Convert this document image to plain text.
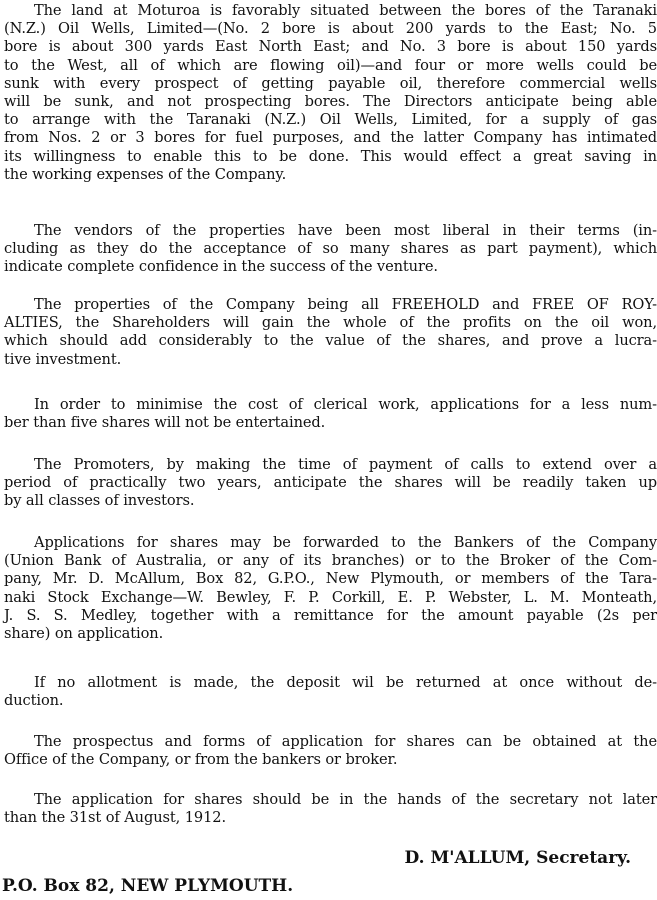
The land at Moturoa is favorably situated between the bores of the Taranaki
(N.Z.) Oil Wells, Limited—(No. 2 bore is about 200 yards to the East; No. 5
bore is about 300 yards East North East; and No. 3 bore is about 150 yards
to the West, all of which are flowing oil)—and four or more wells could be
sunk with every prospect of getting payable oil, therefore commercial wells
will be sunk, and not prospecting bores. The Directors anticipate being able
to arrange with the Taranaki (N.Z.) Oil Wells, Limited, for a supply of gas
from Nos. 2 or 3 bores for fuel purposes, and the latter Company has intimated
its willingness to enable this to be done. This would effect a great saving in
the working expenses of the Company.
The vendors of the properties have been most liberal in their terms (in-
cluding as they do the acceptance of so many shares as part payment), which
indicate complete confidence in the success of the venture.
The properties of the Company being all FREEHOLD and FREE OF ROY-
ALTIES, the Shareholders will gain the whole of the profits on the oil won,
which should add considerably to the value of the shares, and prove a lucra-
tive investment.
In order to minimise the cost of clerical work, applications for a less num-
ber than five shares will not be entertained.
The Promoters, by making the time of payment of calls to extend over a
period of practically two years, anticipate the shares will be readily taken up
by all classes of investors.
Applications for shares may be forwarded to the Bankers of the Company
(Union Bank of Australia, or any of its branches) or to the Broker of the Com-
pany, Mr. D. McAllum, Box 82, G.P.O., New Plymouth, or members of the Tara-
naki Stock Exchange—W. Bewley, F. P. Corkill, E. P. Webster, L. M. Monteath,
J. S. S. Medley, together with a remittance for the amount payable (2s per
share) on application.
If no allotment is made, the deposit wil be returned at once without de-
duction.
The prospectus and forms of application for shares can be obtained at the
Office of the Company, or from the bankers or broker.
The application for shares should be in the hands of the secretary not later
than the 31st of August, 1912.
D. M'ALLUM, Secretary.
P.O. Box 82, NEW PLYMOUTH.
